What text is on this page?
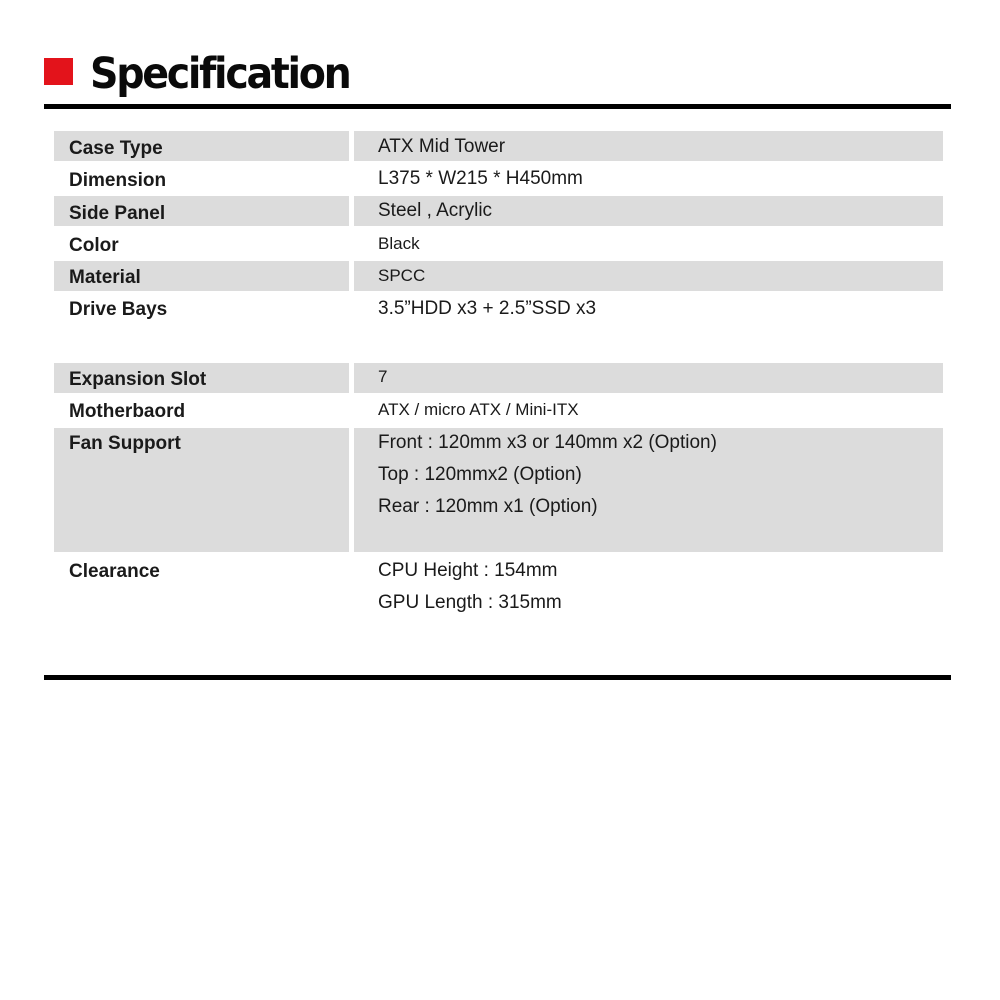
Specification
Case Type	ATX Mid Tower
Dimension	L375 * W215 * H450mm
Side Panel	Steel , Acrylic
Color	Black
Material	SPCC
Drive Bays	3.5”HDD x3 + 2.5”SSD x3
Expansion Slot	7
Motherbaord	ATX / micro ATX / Mini-ITX
Fan Support	Front : 120mm x3 or 140mm x2 (Option)
Top : 120mmx2 (Option)
Rear : 120mm x1 (Option)
Clearance	CPU Height : 154mm
GPU Length : 315mm
